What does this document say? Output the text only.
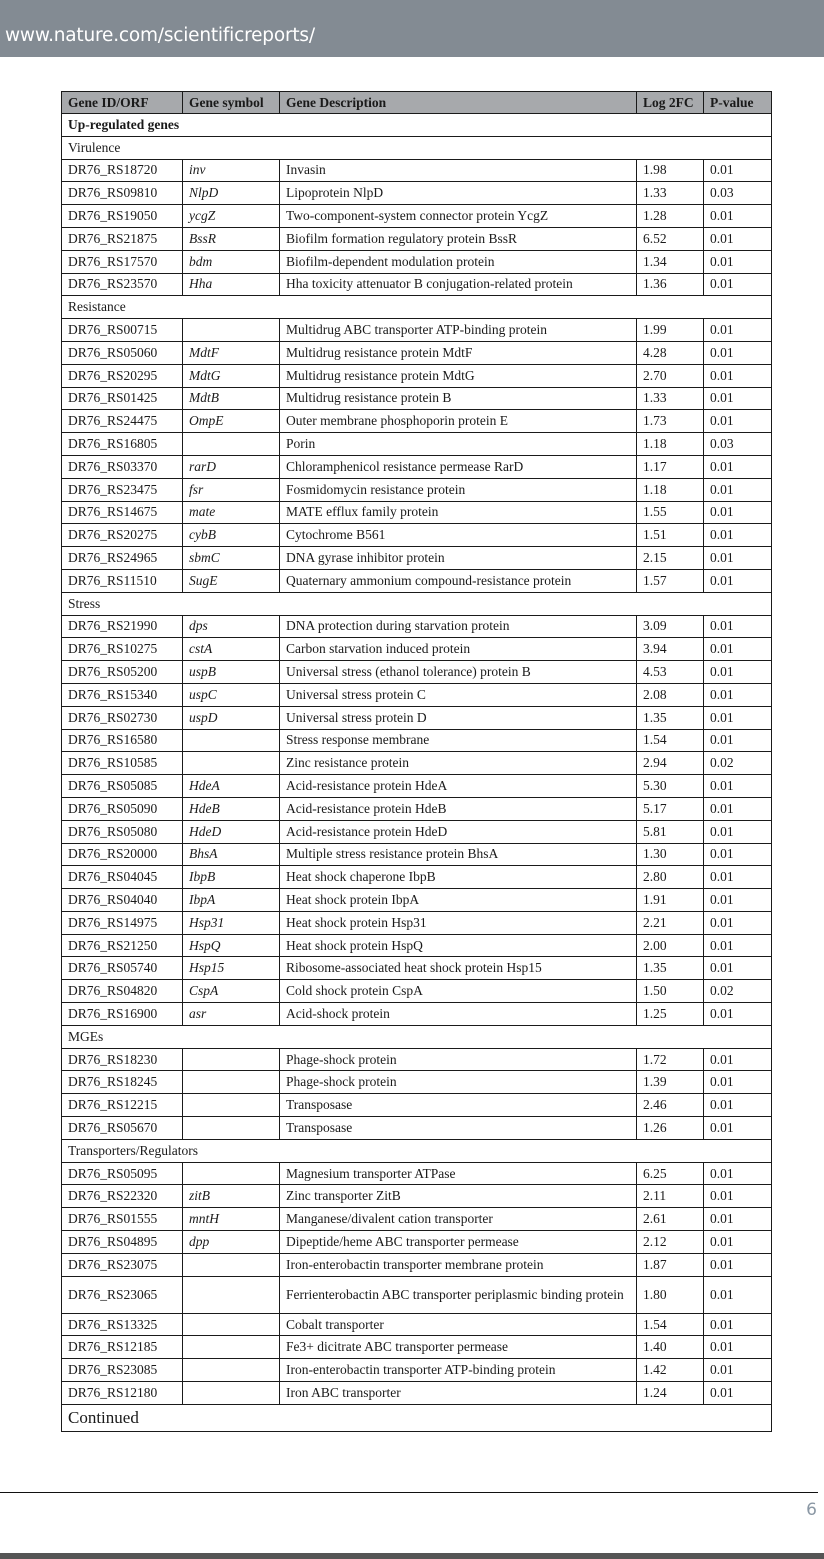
www.nature.com/scientificreports/
Gene ID/ORF	Gene symbol	Gene Description	Log 2FC	P-value
Up-regulated genes				
Virulence				
DR76_RS18720	inv	Invasin	1.98	0.01
DR76_RS09810	NlpD	Lipoprotein NlpD	1.33	0.03
DR76_RS19050	ycgZ	Two-component-system connector protein YcgZ	1.28	0.01
DR76_RS21875	BssR	Biofilm formation regulatory protein BssR	6.52	0.01
DR76_RS17570	bdm	Biofilm-dependent modulation protein	1.34	0.01
DR76_RS23570	Hha	Hha toxicity attenuator B conjugation-related protein	1.36	0.01
Resistance				
DR76_RS00715		Multidrug ABC transporter ATP-binding protein	1.99	0.01
DR76_RS05060	MdtF	Multidrug resistance protein MdtF	4.28	0.01
DR76_RS20295	MdtG	Multidrug resistance protein MdtG	2.70	0.01
DR76_RS01425	MdtB	Multidrug resistance protein B	1.33	0.01
DR76_RS24475	OmpE	Outer membrane phosphoporin protein E	1.73	0.01
DR76_RS16805		Porin	1.18	0.03
DR76_RS03370	rarD	Chloramphenicol resistance permease RarD	1.17	0.01
DR76_RS23475	fsr	Fosmidomycin resistance protein	1.18	0.01
DR76_RS14675	mate	MATE efflux family protein	1.55	0.01
DR76_RS20275	cybB	Cytochrome B561	1.51	0.01
DR76_RS24965	sbmC	DNA gyrase inhibitor protein	2.15	0.01
DR76_RS11510	SugE	Quaternary ammonium compound-resistance protein	1.57	0.01
Stress				
DR76_RS21990	dps	DNA protection during starvation protein	3.09	0.01
DR76_RS10275	cstA	Carbon starvation induced protein	3.94	0.01
DR76_RS05200	uspB	Universal stress (ethanol tolerance) protein B	4.53	0.01
DR76_RS15340	uspC	Universal stress protein C	2.08	0.01
DR76_RS02730	uspD	Universal stress protein D	1.35	0.01
DR76_RS16580		Stress response membrane	1.54	0.01
DR76_RS10585		Zinc resistance protein	2.94	0.02
DR76_RS05085	HdeA	Acid-resistance protein HdeA	5.30	0.01
DR76_RS05090	HdeB	Acid-resistance protein HdeB	5.17	0.01
DR76_RS05080	HdeD	Acid-resistance protein HdeD	5.81	0.01
DR76_RS20000	BhsA	Multiple stress resistance protein BhsA	1.30	0.01
DR76_RS04045	IbpB	Heat shock chaperone IbpB	2.80	0.01
DR76_RS04040	IbpA	Heat shock protein IbpA	1.91	0.01
DR76_RS14975	Hsp31	Heat shock protein Hsp31	2.21	0.01
DR76_RS21250	HspQ	Heat shock protein HspQ	2.00	0.01
DR76_RS05740	Hsp15	Ribosome-associated heat shock protein Hsp15	1.35	0.01
DR76_RS04820	CspA	Cold shock protein CspA	1.50	0.02
DR76_RS16900	asr	Acid-shock protein	1.25	0.01
MGEs				
DR76_RS18230		Phage-shock protein	1.72	0.01
DR76_RS18245		Phage-shock protein	1.39	0.01
DR76_RS12215		Transposase	2.46	0.01
DR76_RS05670		Transposase	1.26	0.01
Transporters/Regulators				
DR76_RS05095		Magnesium transporter ATPase	6.25	0.01
DR76_RS22320	zitB	Zinc transporter ZitB	2.11	0.01
DR76_RS01555	mntH	Manganese/divalent cation transporter	2.61	0.01
DR76_RS04895	dpp	Dipeptide/heme ABC transporter permease	2.12	0.01
DR76_RS23075		Iron-enterobactin transporter membrane protein	1.87	0.01
DR76_RS23065		Ferrienterobactin ABC transporter periplasmic binding protein	1.80	0.01
DR76_RS13325		Cobalt transporter	1.54	0.01
DR76_RS12185		Fe3+ dicitrate ABC transporter permease	1.40	0.01
DR76_RS23085		Iron-enterobactin transporter ATP-binding protein	1.42	0.01
DR76_RS12180		Iron ABC transporter	1.24	0.01
Continued				
6
